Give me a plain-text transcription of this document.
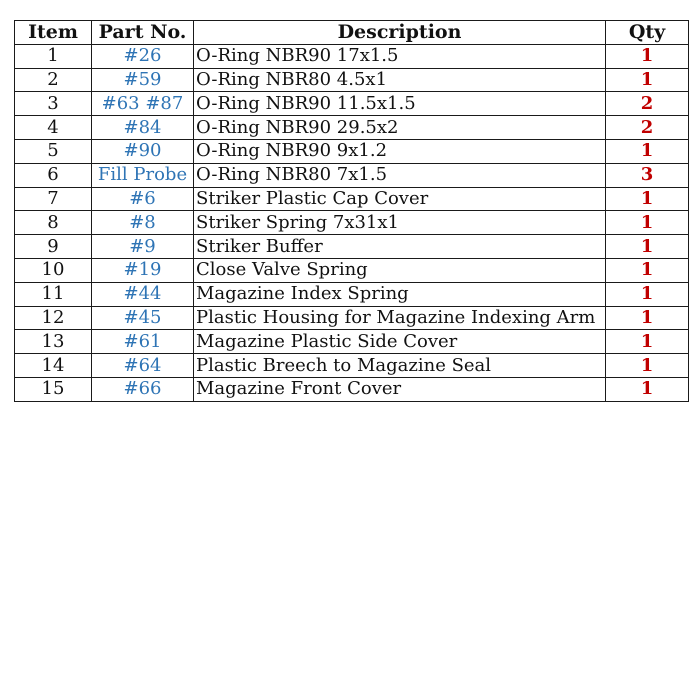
Item	Part No.	Description	Qty
1	#26	O-Ring NBR90 17x1.5	1
2	#59	O-Ring NBR80 4.5x1	1
3	#63 #87	O-Ring NBR90 11.5x1.5	2
4	#84	O-Ring NBR90 29.5x2	2
5	#90	O-Ring NBR90 9x1.2	1
6	Fill Probe	O-Ring NBR80 7x1.5	3
7	#6	Striker Plastic Cap Cover	1
8	#8	Striker Spring 7x31x1	1
9	#9	Striker Buffer	1
10	#19	Close Valve Spring	1
11	#44	Magazine Index Spring	1
12	#45	Plastic Housing for Magazine Indexing Arm	1
13	#61	Magazine Plastic Side Cover	1
14	#64	Plastic Breech to Magazine Seal	1
15	#66	Magazine Front Cover	1
